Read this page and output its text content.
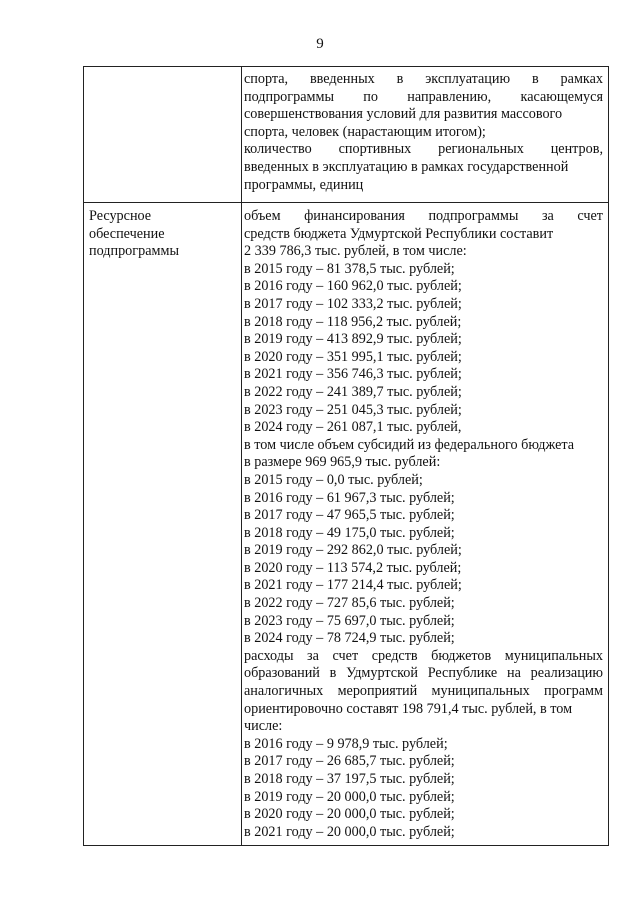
9
спорта, введенных в эксплуатацию в рамках
подпрограммы по направлению, касающемуся
совершенствования условий для развития массового
спорта, человек (нарастающим итогом);
количество спортивных региональных центров,
введенных в эксплуатацию в рамках государственной
программы, единиц
Ресурсное
обеспечение
подпрограммы
объем финансирования подпрограммы за счет
средств бюджета Удмуртской Республики составит
2 339 786,3 тыс. рублей, в том числе:
в 2015 году – 81 378,5 тыс. рублей;
в 2016 году – 160 962,0 тыс. рублей;
в 2017 году – 102 333,2 тыс. рублей;
в 2018 году – 118 956,2 тыс. рублей;
в 2019 году – 413 892,9 тыс. рублей;
в 2020 году – 351 995,1 тыс. рублей;
в 2021 году – 356 746,3 тыс. рублей;
в 2022 году – 241 389,7 тыс. рублей;
в 2023 году – 251 045,3 тыс. рублей;
в 2024 году – 261 087,1 тыс. рублей,
в том числе объем субсидий из федерального бюджета
в размере 969 965,9 тыс. рублей:
в 2015 году – 0,0 тыс. рублей;
в 2016 году – 61 967,3 тыс. рублей;
в 2017 году – 47 965,5 тыс. рублей;
в 2018 году – 49 175,0 тыс. рублей;
в 2019 году – 292 862,0 тыс. рублей;
в 2020 году – 113 574,2 тыс. рублей;
в 2021 году – 177 214,4 тыс. рублей;
в 2022 году – 727 85,6 тыс. рублей;
в 2023 году – 75 697,0 тыс. рублей;
в 2024 году – 78 724,9 тыс. рублей;
расходы за счет средств бюджетов муниципальных
образований в Удмуртской Республике на реализацию
аналогичных мероприятий муниципальных программ
ориентировочно составят 198 791,4 тыс. рублей, в том
числе:
в 2016 году – 9 978,9 тыс. рублей;
в 2017 году – 26 685,7 тыс. рублей;
в 2018 году – 37 197,5 тыс. рублей;
в 2019 году – 20 000,0 тыс. рублей;
в 2020 году – 20 000,0 тыс. рублей;
в 2021 году – 20 000,0 тыс. рублей;
